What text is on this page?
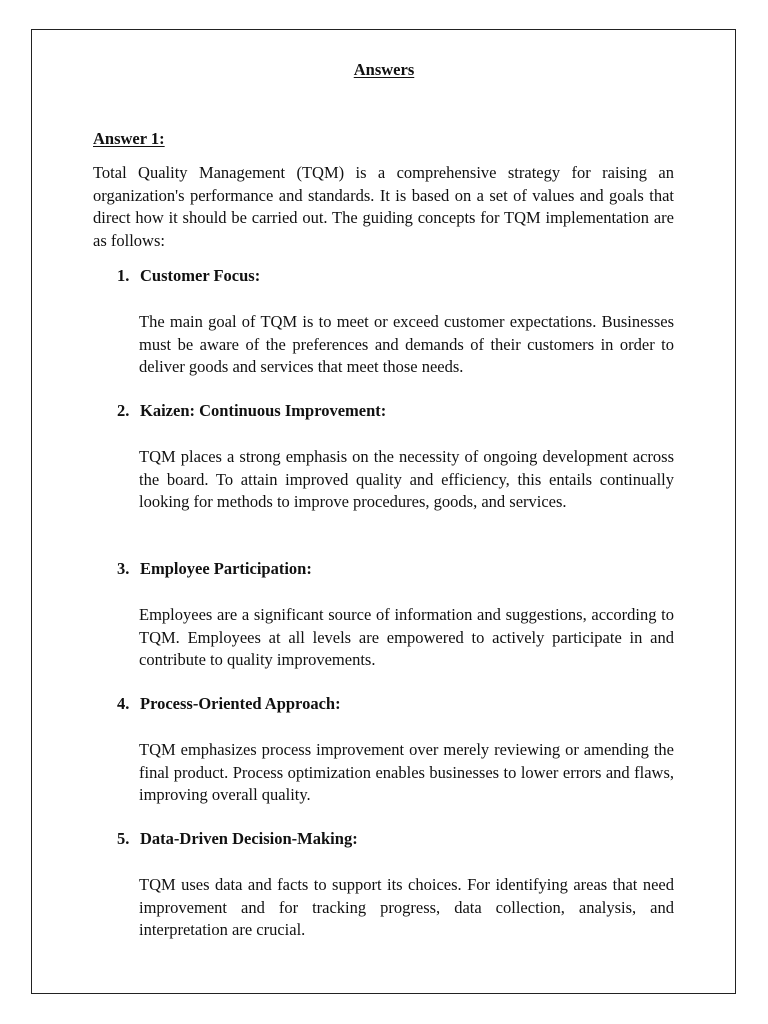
Answers
Answer 1:

Total Quality Management (TQM) is a comprehensive strategy for raising an organization's performance and standards. It is based on a set of values and goals that direct how it should be carried out. The guiding concepts for TQM implementation are as follows:

1. Customer Focus:

The main goal of TQM is to meet or exceed customer expectations. Businesses must be aware of the preferences and demands of their customers in order to deliver goods and services that meet those needs.

2. Kaizen: Continuous Improvement:

TQM places a strong emphasis on the necessity of ongoing development across the board. To attain improved quality and efficiency, this entails continually looking for methods to improve procedures, goods, and services.

3. Employee Participation:

Employees are a significant source of information and suggestions, according to TQM. Employees at all levels are empowered to actively participate in and contribute to quality improvements.

4. Process-Oriented Approach:

TQM emphasizes process improvement over merely reviewing or amending the final product. Process optimization enables businesses to lower errors and flaws, improving overall quality.

5. Data-Driven Decision-Making:

TQM uses data and facts to support its choices. For identifying areas that need improvement and for tracking progress, data collection, analysis, and interpretation are crucial.
